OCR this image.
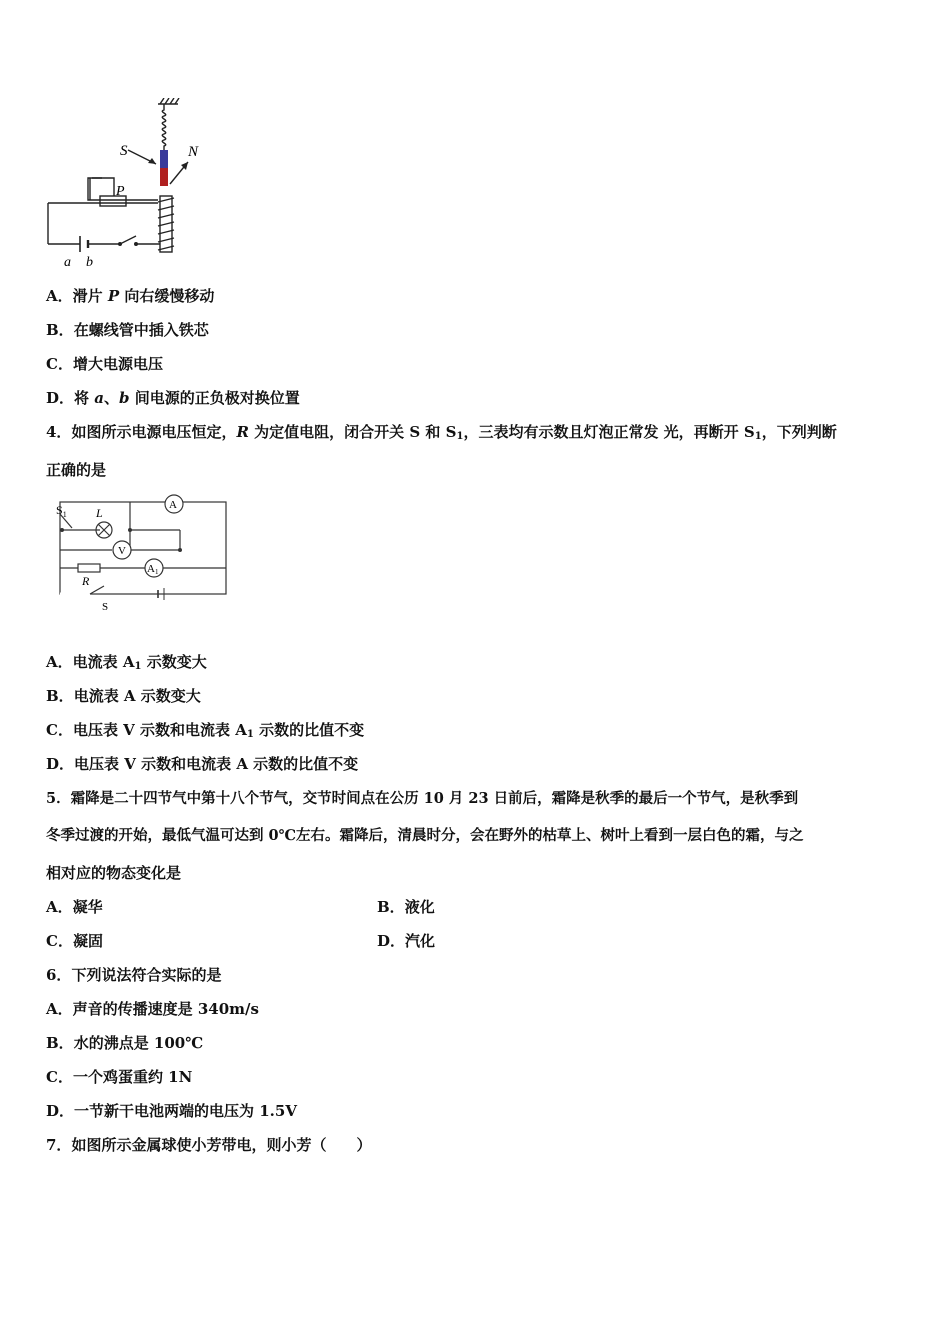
S	N
P
a b
A．滑片 P 向右缓慢移动
B．在螺线管中插入铁芯
C．增大电源电压
D．将 a、b 间电源的正负极对换位置
4．如图所示电源电压恒定，R 为定值电阻，闭合开关 S 和 $S_1$，三表均有示数且灯泡正常发 光，再断开 $S_1$，下列判断
正确的是
$S_1$ L
A
V
A1
R
S
A．电流表 $A_1$ 示数变大
B．电流表 A 示数变大
C．电压表 V 示数和电流表 $A_1$ 示数的比值不变
D．电压表 V 示数和电流表 A 示数的比值不变
5．霜降是二十四节气中第十八个节气，交节时间点在公历 10 月 23 日前后，霜降是秋季的最后一个节气，是秋季到
冬季过渡的开始，最低气温可达到 0℃左右。霜降后，清晨时分，会在野外的枯草上、树叶上看到一层白色的霜，与之
相对应的物态变化是
A．凝华	B．液化
C．凝固	D．汽化
6．下列说法符合实际的是
A．声音的传播速度是 340m/s
B．水的沸点是 100℃
C．一个鸡蛋重约 1N
D．一节新干电池两端的电压为 1.5V
7．如图所示金属球使小芳带电，则小芳（　　）
